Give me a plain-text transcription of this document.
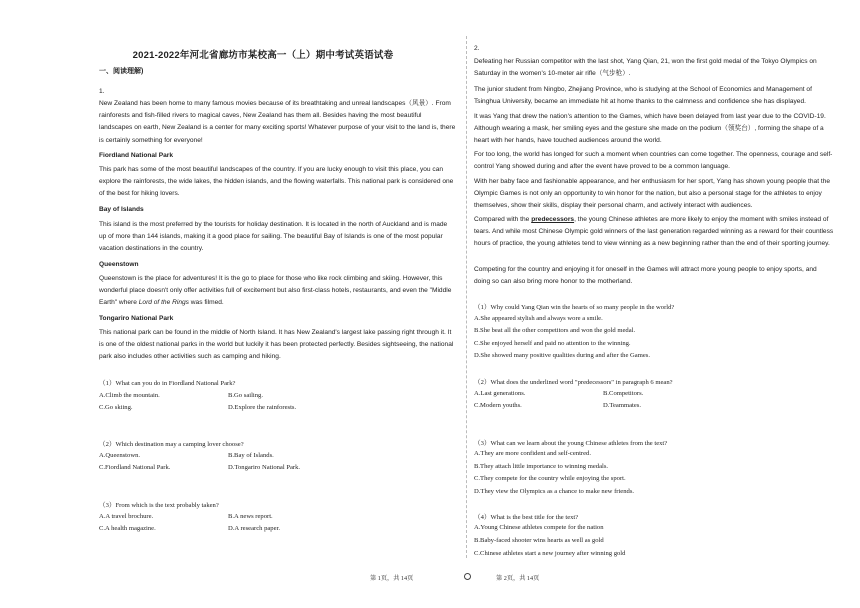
2021-2022年河北省廊坊市某校高一（上）期中考试英语试卷
一、阅读理解)

1.

New Zealand has been home to many famous movies because of its breathtaking and unreal landscapes（风景）. From rainforests and fish-filled rivers to magical caves, New Zealand has them all. Besides having the most beautiful landscapes on earth, New Zealand is a center for many exciting sports! Whatever purpose of your visit to the land is, there is certainly something for everyone!

Fiordland National Park

This park has some of the most beautiful landscapes of the country. If you are lucky enough to visit this place, you can explore the rainforests, the wide lakes, the hidden islands, and the flowing waterfalls. This national park is considered one of the best for hiking lovers.

Bay of Islands

This island is the most preferred by the tourists for holiday destination. It is located in the north of Auckland and is made up of more than 144 islands, making it a good place for sailing. The beautiful Bay of Islands is one of the most popular vacation destinations in the country.

Queenstown

Queenstown is the place for adventures! It is the go to place for those who like rock climbing and skiing. However, this wonderful place doesn't only offer activities full of excitement but also first-class hotels, restaurants, and even the "Middle Earth" where Lord of the Rings was filmed.

Tongariro National Park

This national park can be found in the middle of North Island. It has New Zealand's largest lake passing right through it. It is one of the oldest national parks in the world but luckily it has been protected perfectly. Besides sightseeing, the national park also includes other activities such as camping and hiking.

（1）What can you do in Fiordland National Park?
A.Climb the mountain.	B.Go sailing.
C.Go skiing.	D.Explore the rainforests.
（2）Which destination may a camping lover choose?
A.Queenstown.	B.Bay of Islands.
C.Fiordland National Park.	D.Tongariro National Park.
（3）From which is the text probably taken?
A.A travel brochure.	B.A news report.
C.A health magazine.	D.A research paper.
第 1页，共 14页

2.

Defeating her Russian competitor with the last shot, Yang Qian, 21, won the first gold medal of the Tokyo Olympics on Saturday in the women's 10-meter air rifle（气步枪）.

The junior student from Ningbo, Zhejiang Province, who is studying at the School of Economics and Management of Tsinghua University, became an immediate hit at home thanks to the calmness and confidence she has displayed.

It was Yang that drew the nation's attention to the Games, which have been delayed from last year due to the COVID-19. Although wearing a mask, her smiling eyes and the gesture she made on the podium（领奖台）, forming the shape of a heart with her hands, have touched audiences around the world.

For too long, the world has longed for such a moment when countries can come together. The openness, courage and self-control Yang showed during and after the event have proved to be a common language.

With her baby face and fashionable appearance, and her enthusiasm for her sport, Yang has shown young people that the Olympic Games is not only an opportunity to win honor for the nation, but also a personal stage for the athletes to enjoy themselves, show their skills, display their personal charm, and actively interact with audiences.

Compared with the predecessors, the young Chinese athletes are more likely to enjoy the moment with smiles instead of tears. And while most Chinese Olympic gold winners of the last generation regarded winning as a reward for their countless hours of practice, the young athletes tend to view winning as a new beginning rather than the end of their sporting journey.

Competing for the country and enjoying it for oneself in the Games will attract more young people to enjoy sports, and doing so can also bring more honor to the motherland.

（1）Why could Yang Qian win the hearts of so many people in the world?
A.She appeared stylish and always wore a smile.
B.She beat all the other competitors and won the gold medal.
C.She enjoyed herself and paid no attention to the winning.
D.She showed many positive qualities during and after the Games.
（2）What does the underlined word "predecessors" in paragraph 6 mean?
A.Last generations.	B.Competitors.
C.Modern youths.	D.Teammates.
（3）What can we learn about the young Chinese athletes from the text?
A.They are more confident and self-centred.
B.They attach little importance to winning medals.
C.They compete for the country while enjoying the sport.
D.They view the Olympics as a chance to make new friends.
（4）What is the best title for the text?
A.Young Chinese athletes compete for the nation
B.Baby-faced shooter wins hearts as well as gold
C.Chinese athletes start a new journey after winning gold
第 2页，共 14页
